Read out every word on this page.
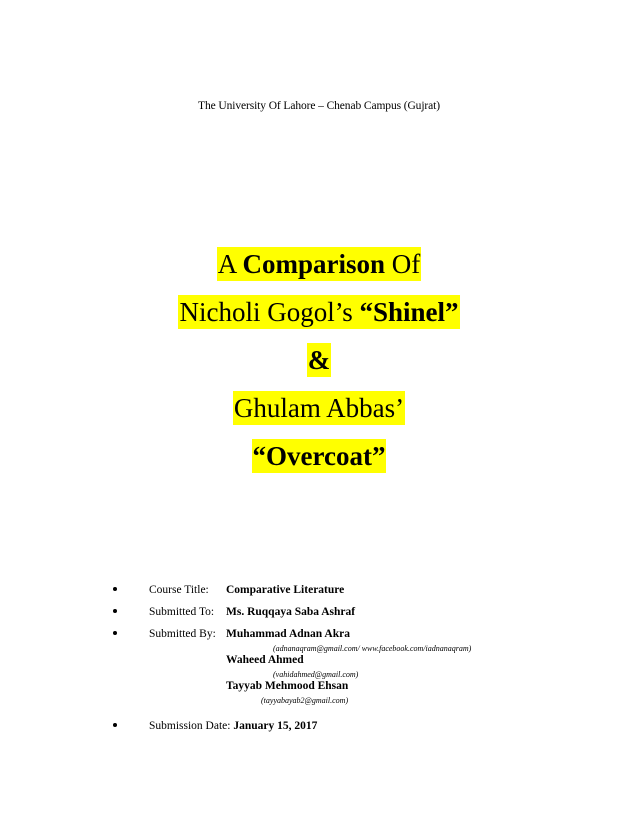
The University Of Lahore – Chenab Campus (Gujrat)
A Comparison Of
Nicholi Gogol’s “Shinel”
&
Ghulam Abbas’
“Overcoat”
Course Title: Comparative Literature
Submitted To: Ms. Ruqqaya Saba Ashraf
Submitted By: Muhammad Adnan Akra
(adnanaqram@gmail.com/ www.facebook.com/iadnanaqram)
Waheed Ahmed
(vahidahmed@gmail.com)
Tayyab Mehmood Ehsan
(tayyabayab2@gmail.com)
Submission Date: January 15, 2017
